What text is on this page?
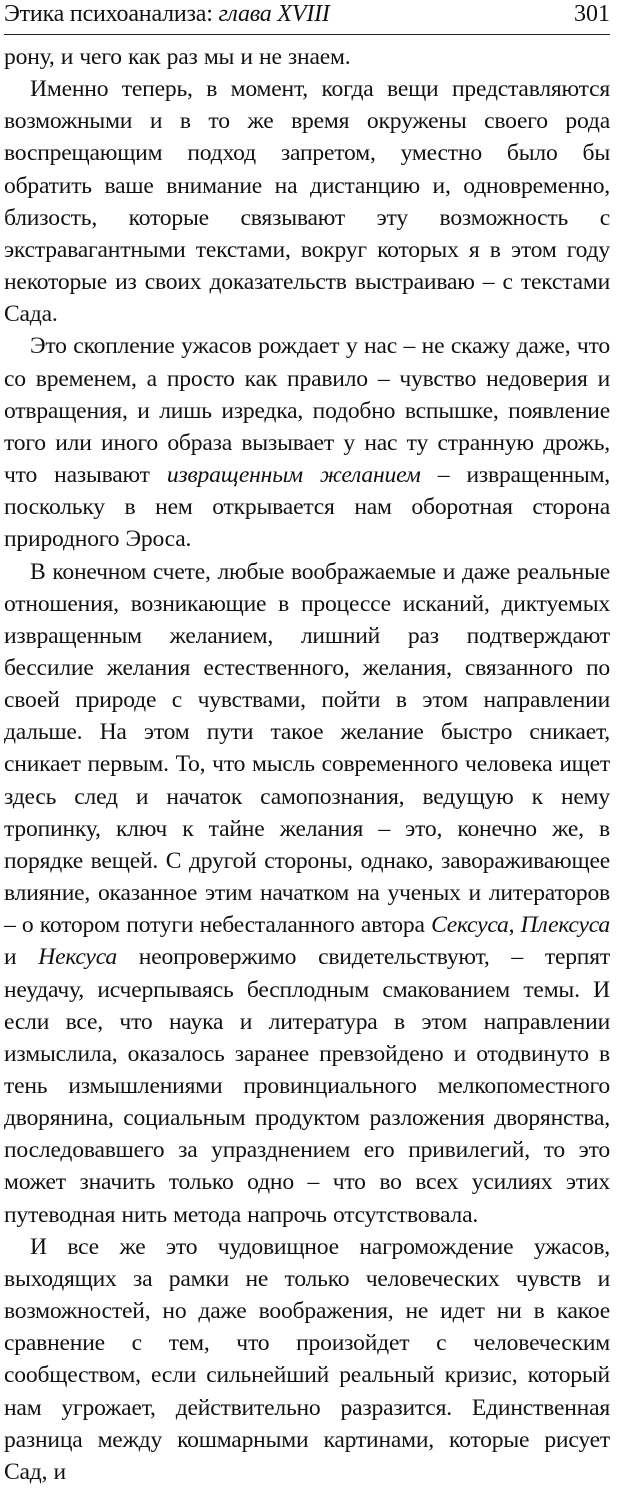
Этика психоанализа: глава XVIII	301

рону, и чего как раз мы и не знаем.

Именно теперь, в момент, когда вещи представляются возможными и в то же время окружены своего рода воспрещающим подход запретом, уместно было бы обратить ваше внимание на дистанцию и, одновременно, близость, которые связывают эту возможность с экстравагантными текстами, вокруг которых я в этом году некоторые из своих доказательств выстраиваю – с текстами Сада.

Это скопление ужасов рождает у нас – не скажу даже, что со временем, а просто как правило – чувство недоверия и отвращения, и лишь изредка, подобно вспышке, появление того или иного образа вызывает у нас ту странную дрожь, что называют извращенным желанием – извращенным, поскольку в нем открывается нам оборотная сторона природного Эроса.

В конечном счете, любые воображаемые и даже реальные отношения, возникающие в процессе исканий, диктуемых извращенным желанием, лишний раз подтверждают бессилие желания естественного, желания, связанного по своей природе с чувствами, пойти в этом направлении дальше. На этом пути такое желание быстро сникает, сникает первым. То, что мысль современного человека ищет здесь след и начаток самопознания, ведущую к нему тропинку, ключ к тайне желания – это, конечно же, в порядке вещей. С другой стороны, однако, завораживающее влияние, оказанное этим начатком на ученых и литераторов – о котором потуги небесталанного автора Сексуса, Плексуса и Нексуса неопровержимо свидетельствуют, – терпят неудачу, исчерпываясь бесплодным смакованием темы. И если все, что наука и литература в этом направлении измыслила, оказалось заранее превзойдено и отодвинуто в тень измышлениями провинциального мелкопоместного дворянина, социальным продуктом разложения дворянства, последовавшего за упразднением его привилегий, то это может значить только одно – что во всех усилиях этих путеводная нить метода напрочь отсутствовала.

И все же это чудовищное нагромождение ужасов, выходящих за рамки не только человеческих чувств и возможностей, но даже воображения, не идет ни в какое сравнение с тем, что произойдет с человеческим сообществом, если сильнейший реальный кризис, который нам угрожает, действительно разразится. Единственная разница между кошмарными картинами, которые рисует Сад, и
